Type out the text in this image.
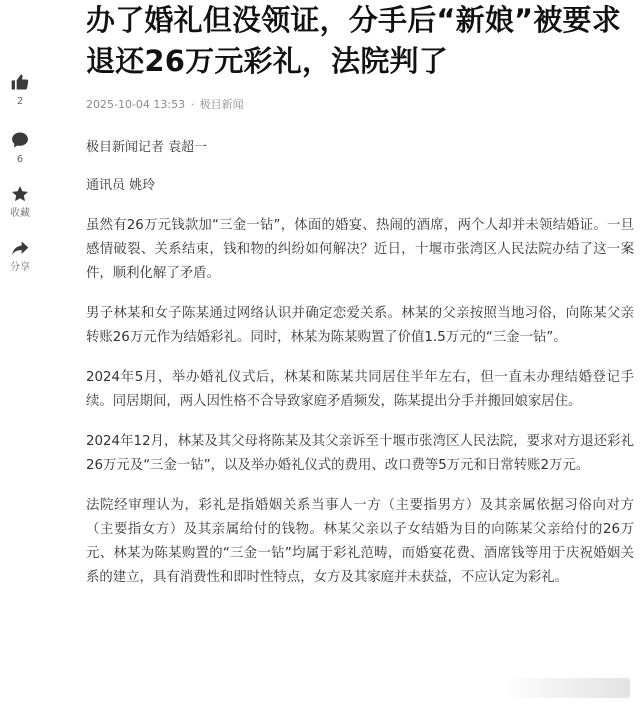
2
6
收藏
分享
办了婚礼但没领证，分手后“新娘”被要求退还26万元彩礼，法院判了
2025-10-04 13:53 · 极目新闻
极目新闻记者 袁超一
通讯员 姚玲

虽然有26万元钱款加“三金一钻”，体面的婚宴、热闹的酒席，两个人却并未领结婚证。一旦感情破裂、关系结束，钱和物的纠纷如何解决？近日，十堰市张湾区人民法院办结了这一案件，顺利化解了矛盾。

男子林某和女子陈某通过网络认识并确定恋爱关系。林某的父亲按照当地习俗，向陈某父亲转账26万元作为结婚彩礼。同时，林某为陈某购置了价值1.5万元的“三金一钻”。

2024年5月，举办婚礼仪式后，林某和陈某共同居住半年左右，但一直未办理结婚登记手续。同居期间，两人因性格不合导致家庭矛盾频发，陈某提出分手并搬回娘家居住。

2024年12月，林某及其父母将陈某及其父亲诉至十堰市张湾区人民法院，要求对方退还彩礼26万元及“三金一钻”，以及举办婚礼仪式的费用、改口费等5万元和日常转账2万元。

法院经审理认为，彩礼是指婚姻关系当事人一方（主要指男方）及其亲属依据习俗向对方（主要指女方）及其亲属给付的钱物。林某父亲以子女结婚为目的向陈某父亲给付的26万元、林某为陈某购置的“三金一钻”均属于彩礼范畴，而婚宴花费、酒席钱等用于庆祝婚姻关系的建立，具有消费性和即时性特点，女方及其家庭并未获益，不应认定为彩礼。
